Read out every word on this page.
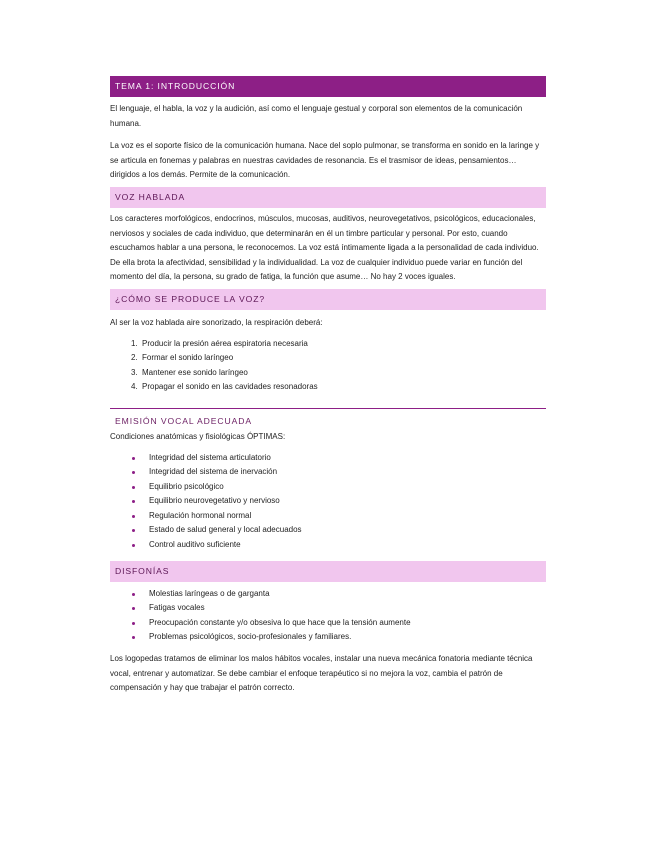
TEMA 1: INTRODUCCIÓN

El lenguaje, el habla, la voz y la audición, así como el lenguaje gestual y corporal son elementos de la comunicación humana.

La voz es el soporte físico de la comunicación humana. Nace del soplo pulmonar, se transforma en sonido en la laringe y se articula en fonemas y palabras en nuestras cavidades de resonancia. Es el trasmisor de ideas, pensamientos…dirigidos a los demás. Permite de la comunicación.

VOZ HABLADA

Los caracteres morfológicos, endocrinos, músculos, mucosas, auditivos, neurovegetativos, psicológicos, educacionales, nerviosos y sociales de cada individuo, que determinarán en él un timbre particular y personal. Por esto, cuando escuchamos hablar a una persona, le reconocemos. La voz está íntimamente ligada a la personalidad de cada individuo. De ella brota la afectividad, sensibilidad y la individualidad. La voz de cualquier individuo puede variar en función del momento del día, la persona, su grado de fatiga, la función que asume… No hay 2 voces iguales.

¿CÓMO SE PRODUCE LA VOZ?

Al ser la voz hablada aire sonorizado, la respiración deberá:

1. Producir la presión aérea espiratoria necesaria
2. Formar el sonido laríngeo
3. Mantener ese sonido laríngeo
4. Propagar el sonido en las cavidades resonadoras
EMISIÓN VOCAL ADECUADA

Condiciones anatómicas y fisiológicas ÓPTIMAS:

Integridad del sistema articulatorio
Integridad del sistema de inervación
Equilibrio psicológico
Equilibrio neurovegetativo y nervioso
Regulación hormonal normal
Estado de salud general y local adecuados
Control auditivo suficiente
DISFONÍAS
Molestias laríngeas o de garganta
Fatigas vocales
Preocupación constante y/o obsesiva lo que hace que la tensión aumente
Problemas psicológicos, socio-profesionales y familiares.

Los logopedas tratamos de eliminar los malos hábitos vocales, instalar una nueva mecánica fonatoria mediante técnica vocal, entrenar y automatizar. Se debe cambiar el enfoque terapéutico si no mejora la voz, cambia el patrón de compensación y hay que trabajar el patrón correcto.
